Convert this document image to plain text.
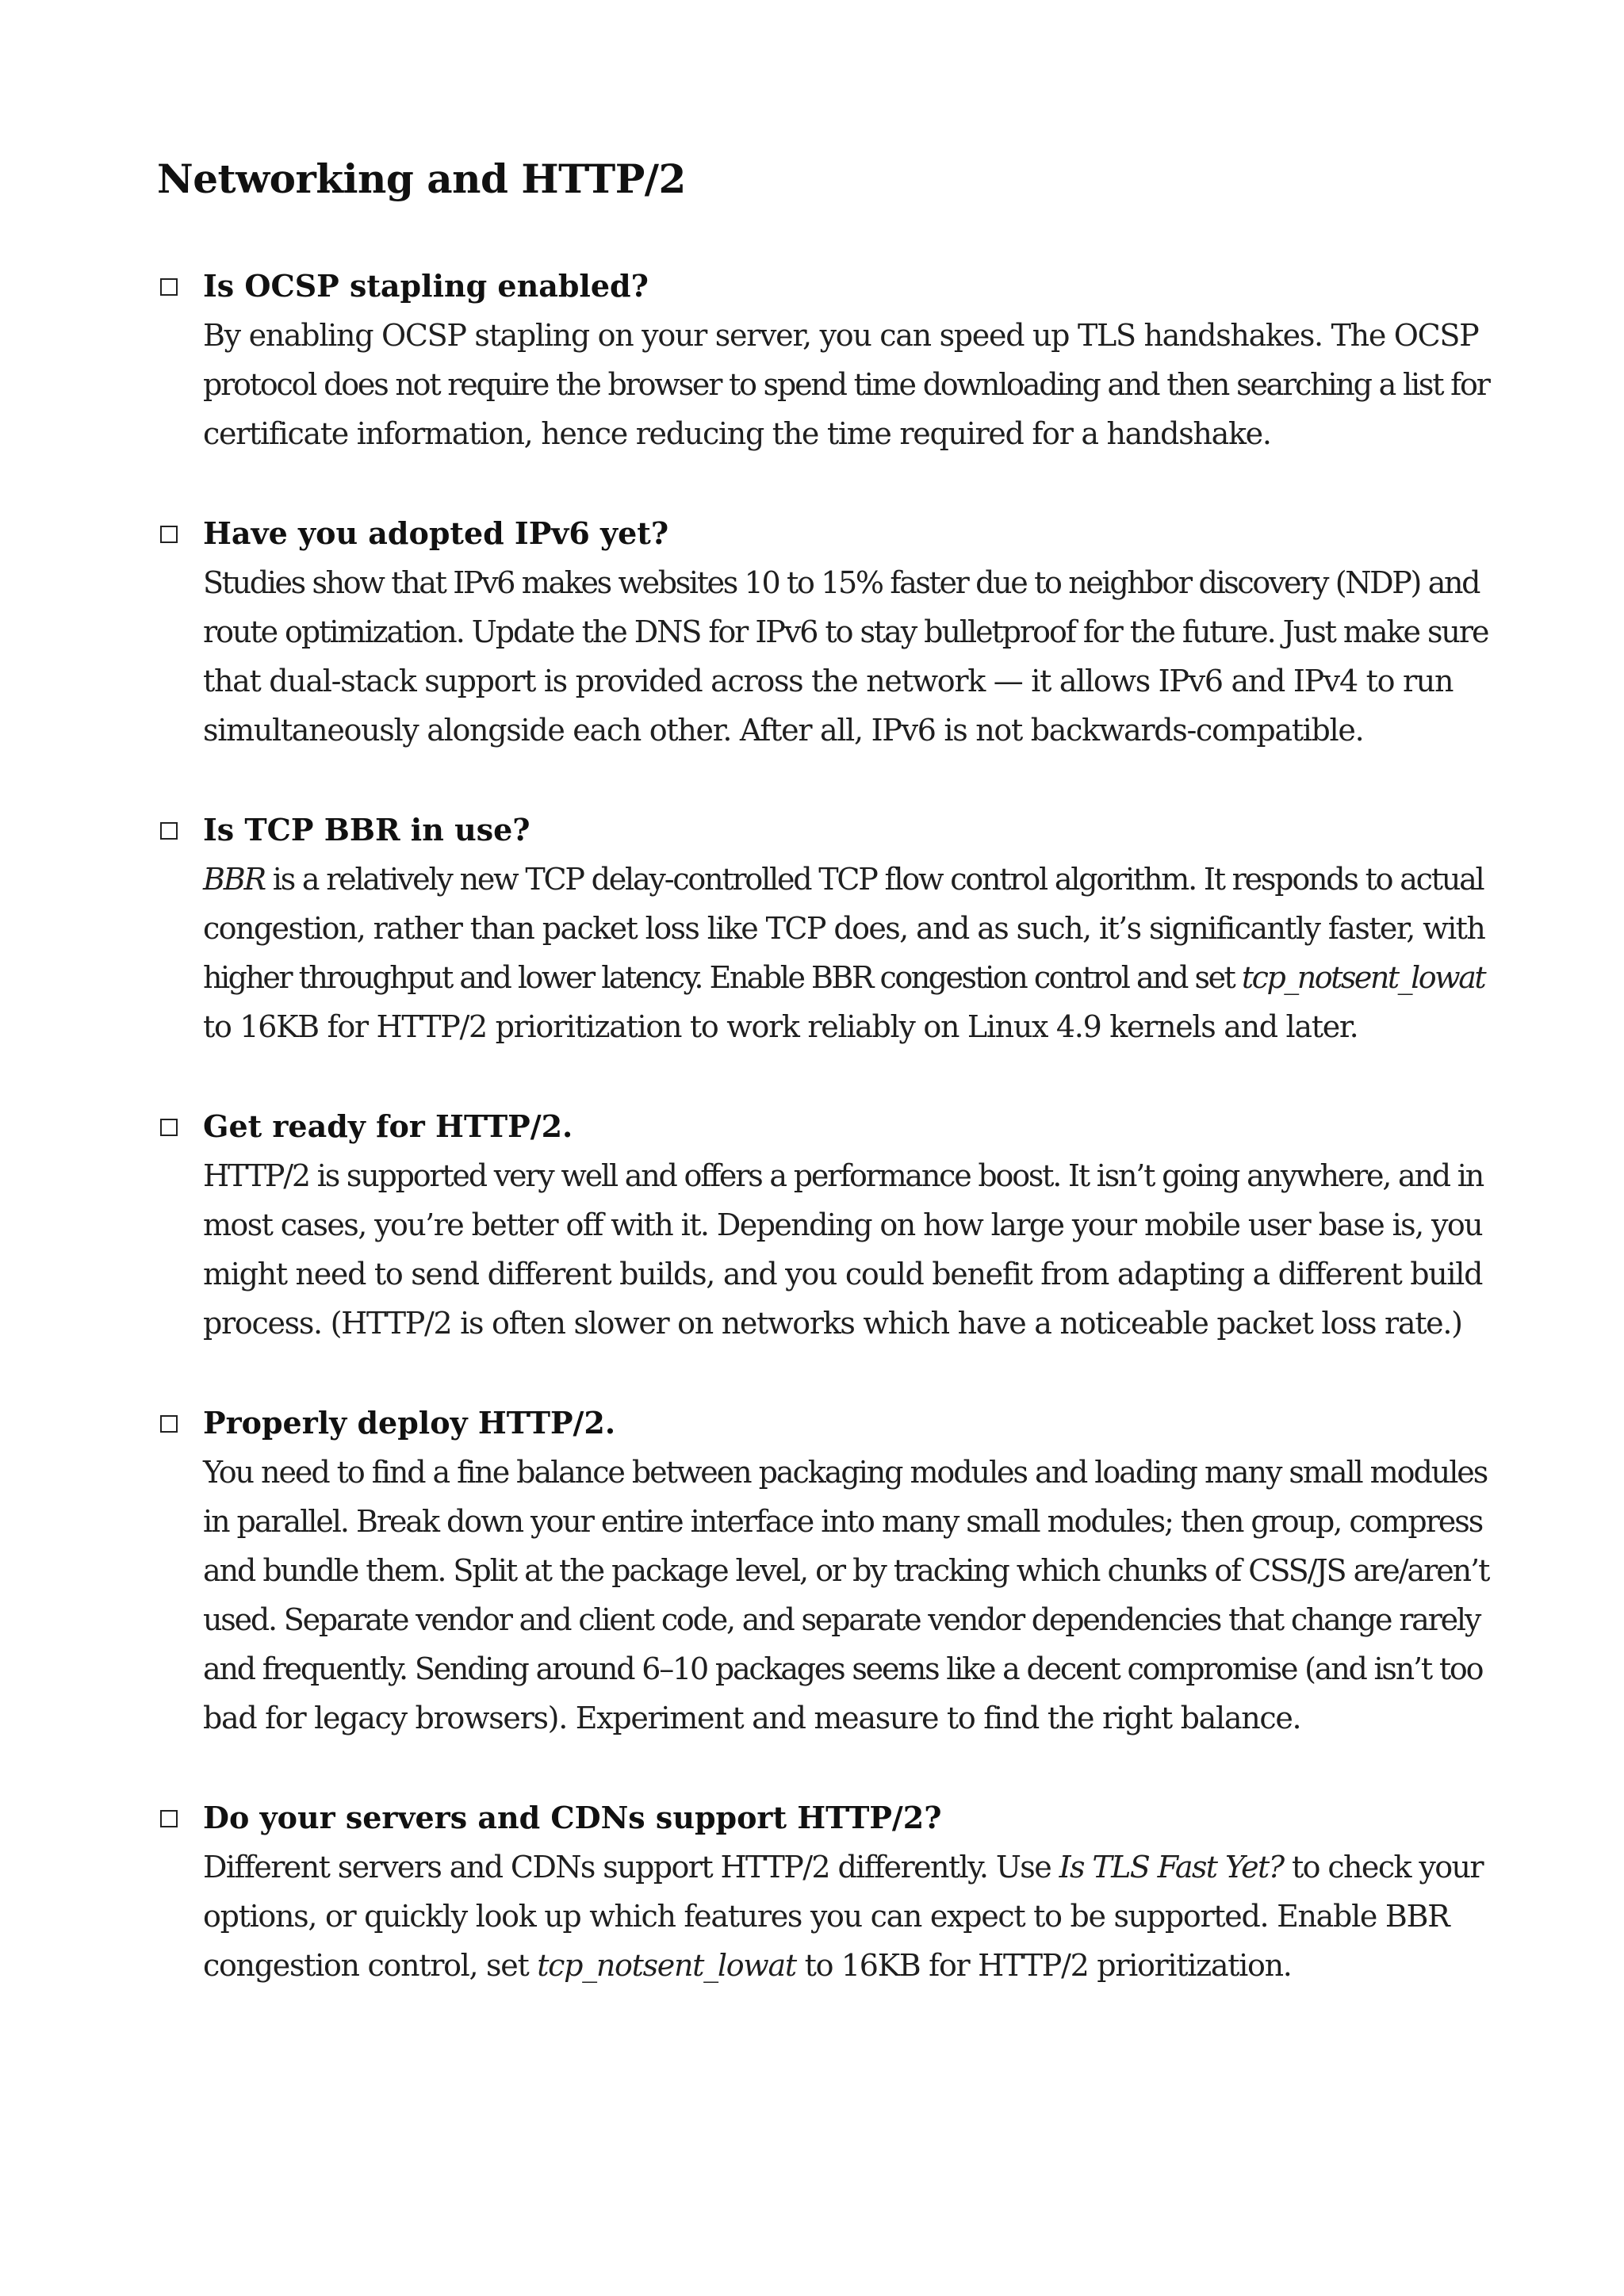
Networking and HTTP/2
Is OCSP stapling enabled?
By enabling OCSP stapling on your server, you can speed up TLS handshakes. The OCSP
protocol does not require the browser to spend time downloading and then searching a list for
certificate information, hence reducing the time required for a handshake.
Have you adopted IPv6 yet?
Studies show that IPv6 makes websites 10 to 15% faster due to neighbor discovery (NDP) and
route optimization. Update the DNS for IPv6 to stay bulletproof for the future. Just make sure
that dual-stack support is provided across the network — it allows IPv6 and IPv4 to run
simultaneously alongside each other. After all, IPv6 is not backwards-compatible.
Is TCP BBR in use?
BBR is a relatively new TCP delay-controlled TCP flow control algorithm. It responds to actual
congestion, rather than packet loss like TCP does, and as such, it’s significantly faster, with
higher throughput and lower latency. Enable BBR congestion control and set tcp_notsent_lowat
to 16KB for HTTP/2 prioritization to work reliably on Linux 4.9 kernels and later.
Get ready for HTTP/2.
HTTP/2 is supported very well and offers a performance boost. It isn’t going anywhere, and in
most cases, you’re better off with it. Depending on how large your mobile user base is, you
might need to send different builds, and you could benefit from adapting a different build
process. (HTTP/2 is often slower on networks which have a noticeable packet loss rate.)
Properly deploy HTTP/2.
You need to find a fine balance between packaging modules and loading many small modules
in parallel. Break down your entire interface into many small modules; then group, compress
and bundle them. Split at the package level, or by tracking which chunks of CSS/JS are/aren’t
used. Separate vendor and client code, and separate vendor dependencies that change rarely
and frequently. Sending around 6–10 packages seems like a decent compromise (and isn’t too
bad for legacy browsers). Experiment and measure to find the right balance.
Do your servers and CDNs support HTTP/2?
Different servers and CDNs support HTTP/2 differently. Use Is TLS Fast Yet? to check your
options, or quickly look up which features you can expect to be supported. Enable BBR
congestion control, set tcp_notsent_lowat to 16KB for HTTP/2 prioritization.
